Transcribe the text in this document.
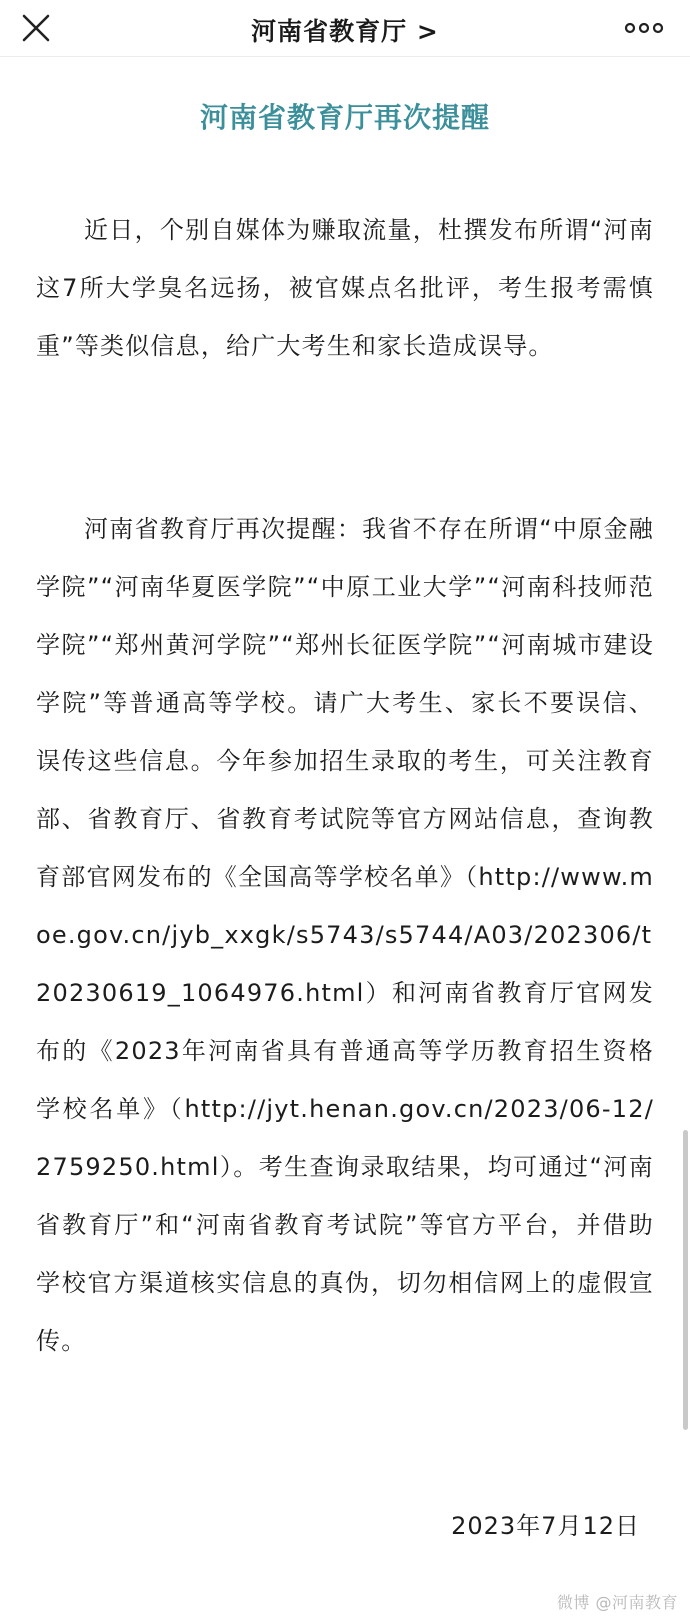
河南省教育厅 >
河南省教育厅再次提醒

近日，个别自媒体为赚取流量，杜撰发布所谓“河南这7所大学臭名远扬，被官媒点名批评，考生报考需慎重”等类似信息，给广大考生和家长造成误导。

河南省教育厅再次提醒：我省不存在所谓“中原金融学院”“河南华夏医学院”“中原工业大学”“河南科技师范学院”“郑州黄河学院”“郑州长征医学院”“河南城市建设学院”等普通高等学校。请广大考生、家长不要误信、误传这些信息。今年参加招生录取的考生，可关注教育部、省教育厅、省教育考试院等官方网站信息，查询教育部官网发布的《全国高等学校名单》（http://www.moe.gov.cn/jyb_xxgk/s5743/s5744/A03/202306/t20230619_1064976.html）和河南省教育厅官网发布的《2023年河南省具有普通高等学历教育招生资格学校名单》（http://jyt.henan.gov.cn/2023/06-12/2759250.html）。考生查询录取结果，均可通过“河南省教育厅”和“河南省教育考试院”等官方平台，并借助学校官方渠道核实信息的真伪，切勿相信网上的虚假宣传。

2023年7月12日
微博 @河南教育
